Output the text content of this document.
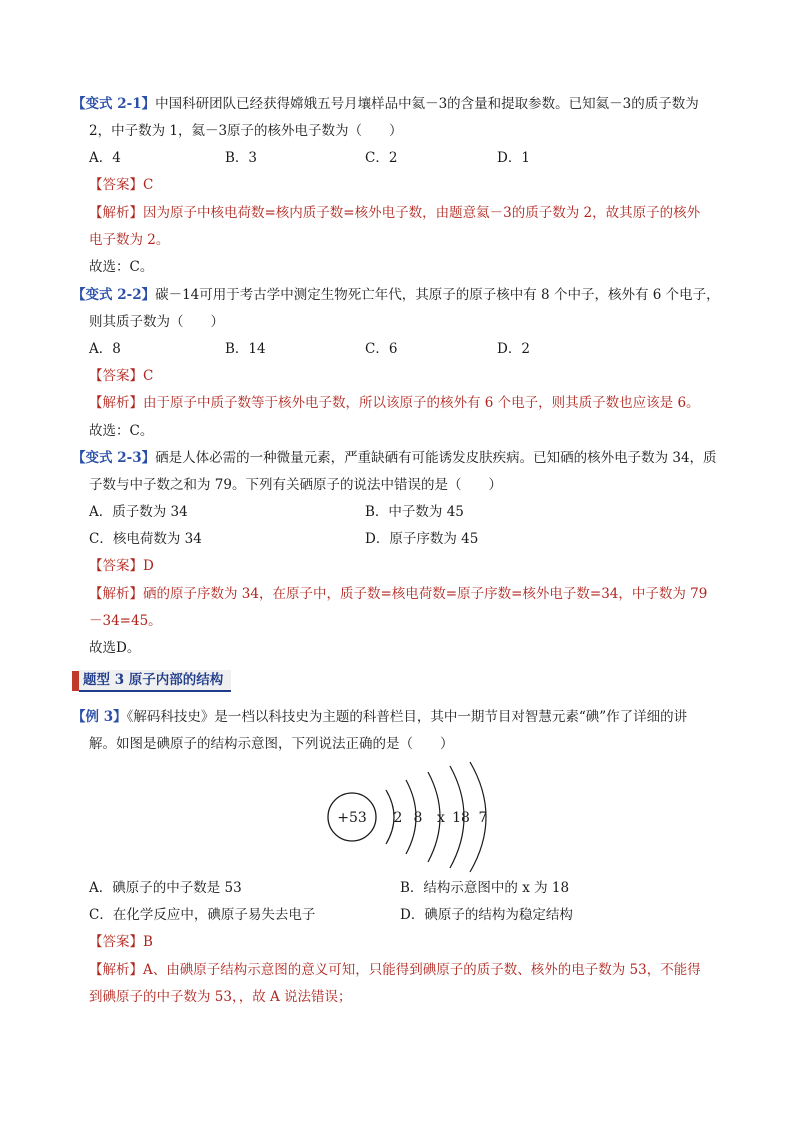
【变式 2-1】中国科研团队已经获得嫦娥五号月壤样品中氦－3的含量和提取参数。已知氦－3的质子数为
2，中子数为 1，氦－3原子的核外电子数为（　　）
A．4	B．3	C．2	D．1
【答案】C
【解析】因为原子中核电荷数=核内质子数=核外电子数，由题意氦－3的质子数为 2，故其原子的核外
电子数为 2。
故选：C。
【变式 2-2】碳－14可用于考古学中测定生物死亡年代，其原子的原子核中有 8 个中子，核外有 6 个电子，
则其质子数为（　　）
A．8	B．14	C．6	D．2
【答案】C
【解析】由于原子中质子数等于核外电子数，所以该原子的核外有 6 个电子，则其质子数也应该是 6。
故选：C。
【变式 2-3】硒是人体必需的一种微量元素，严重缺硒有可能诱发皮肤疾病。已知硒的核外电子数为 34，质
子数与中子数之和为 79。下列有关硒原子的说法中错误的是（　　）
A．质子数为 34	B．中子数为 45
C．核电荷数为 34	D．原子序数为 45
【答案】D
【解析】硒的原子序数为 34，在原子中，质子数=核电荷数=原子序数=核外电子数=34，中子数为 79
－34=45。
故选D。
题型 3 原子内部的结构
【例 3】《解码科技史》是一档以科技史为主题的科普栏目，其中一期节目对智慧元素“碘”作了详细的讲
解。如图是碘原子的结构示意图，下列说法正确的是（　　）
+53 2 8 x 18 7
A．碘原子的中子数是 53	B．结构示意图中的 x 为 18
C．在化学反应中，碘原子易失去电子	D．碘原子的结构为稳定结构
【答案】B
【解析】A、由碘原子结构示意图的意义可知，只能得到碘原子的质子数、核外的电子数为 53，不能得
到碘原子的中子数为 53，，故 A 说法错误；
